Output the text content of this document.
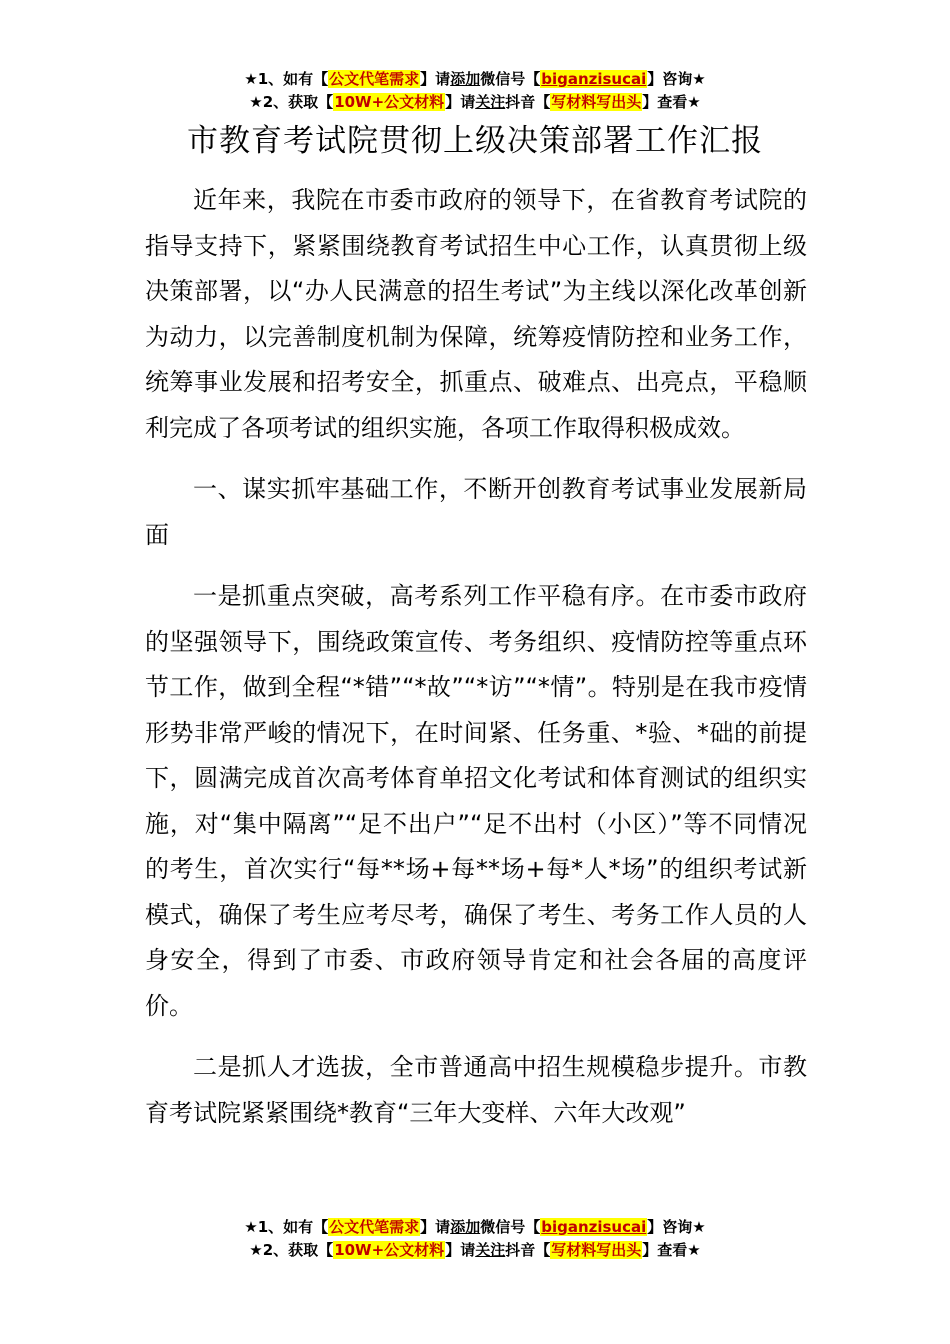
★1、如有【公文代笔需求】请添加微信号【biganzisucai】咨询★
★2、获取【10W+公文材料】请关注抖音【写材料写出头】查看★
市教育考试院贯彻上级决策部署工作汇报

近年来，我院在市委市政府的领导下，在省教育考试院的指导支持下，紧紧围绕教育考试招生中心工作，认真贯彻上级决策部署，以“办人民满意的招生考试”为主线以深化改革创新为动力，以完善制度机制为保障，统筹疫情防控和业务工作，统筹事业发展和招考安全，抓重点、破难点、出亮点，平稳顺利完成了各项考试的组织实施，各项工作取得积极成效。

一、谋实抓牢基础工作，不断开创教育考试事业发展新局面

一是抓重点突破，高考系列工作平稳有序。在市委市政府的坚强领导下，围绕政策宣传、考务组织、疫情防控等重点环节工作，做到全程“*错”“*故”“*访”“*情”。特别是在我市疫情形势非常严峻的情况下，在时间紧、任务重、*验、*础的前提下，圆满完成首次高考体育单招文化考试和体育测试的组织实施，对“集中隔离”“足不出户”“足不出村（小区）”等不同情况的考生，首次实行“每**场+每**场+每*人*场”的组织考试新模式，确保了考生应考尽考，确保了考生、考务工作人员的人身安全，得到了市委、市政府领导肯定和社会各届的高度评价。

二是抓人才选拔，全市普通高中招生规模稳步提升。市教育考试院紧紧围绕*教育“三年大变样、六年大改观”

★1、如有【公文代笔需求】请添加微信号【biganzisucai】咨询★
★2、获取【10W+公文材料】请关注抖音【写材料写出头】查看★
